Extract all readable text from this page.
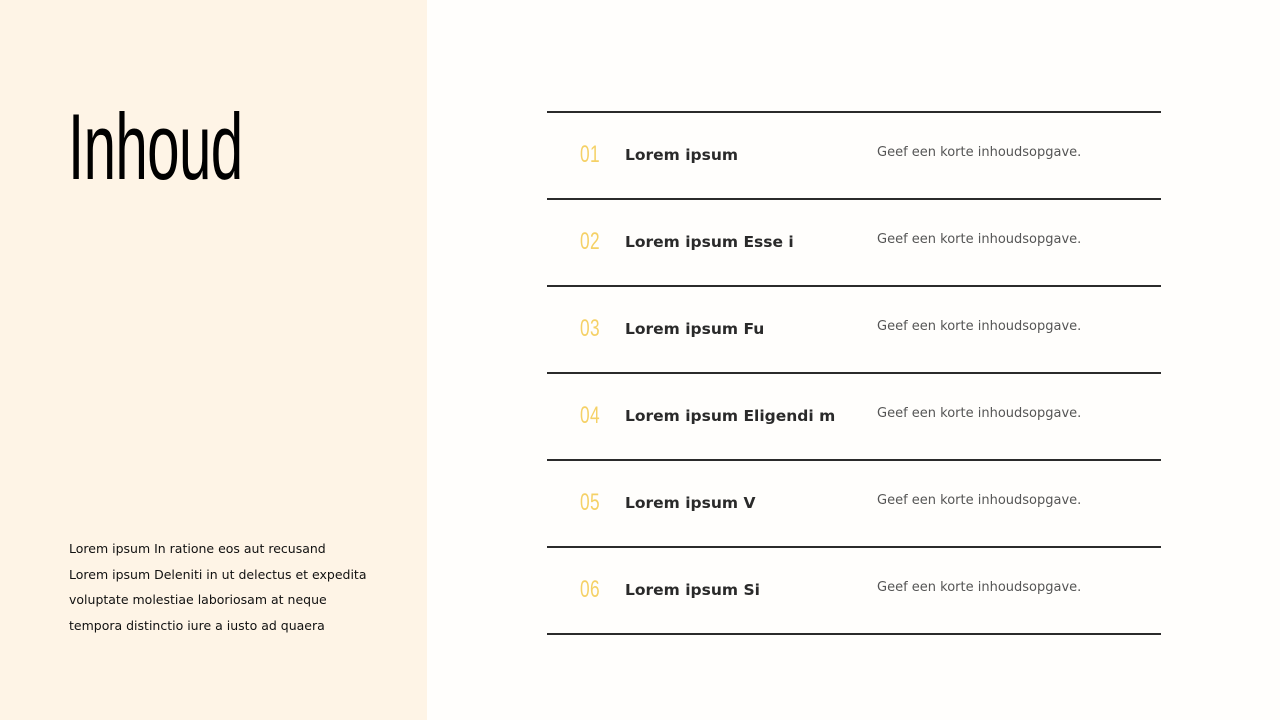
Inhoud

Lorem ipsum In ratione eos aut recusand
Lorem ipsum Deleniti in ut delectus et expedita
voluptate molestiae laboriosam at neque
tempora distinctio iure a iusto ad quaera

01 Lorem ipsum	Geef een korte inhoudsopgave.
02 Lorem ipsum Esse i	Geef een korte inhoudsopgave.
03 Lorem ipsum Fu	Geef een korte inhoudsopgave.
04 Lorem ipsum Eligendi m	Geef een korte inhoudsopgave.
05 Lorem ipsum V	Geef een korte inhoudsopgave.
06 Lorem ipsum Si	Geef een korte inhoudsopgave.
